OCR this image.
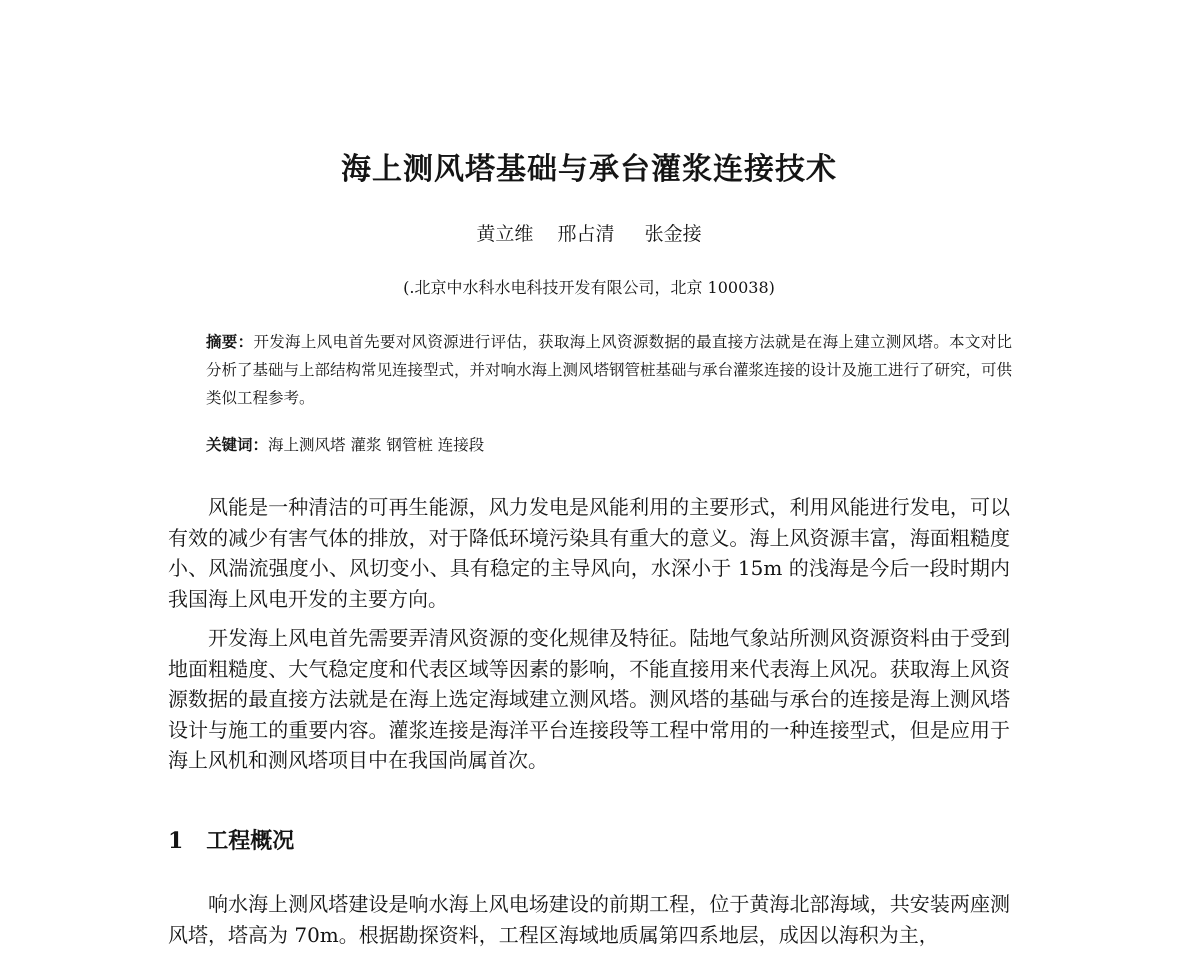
海上测风塔基础与承台灌浆连接技术
黄立维    邢占清     张金接
(.北京中水科水电科技开发有限公司，北京 100038)
摘要：开发海上风电首先要对风资源进行评估，获取海上风资源数据的最直接方法就是在海上建立测风塔。本文对比分析了基础与上部结构常见连接型式，并对响水海上测风塔钢管桩基础与承台灌浆连接的设计及施工进行了研究，可供类似工程参考。
关键词：海上测风塔 灌浆 钢管桩 连接段

风能是一种清洁的可再生能源，风力发电是风能利用的主要形式，利用风能进行发电，可以有效的减少有害气体的排放，对于降低环境污染具有重大的意义。海上风资源丰富，海面粗糙度小、风湍流强度小、风切变小、具有稳定的主导风向，水深小于 15m 的浅海是今后一段时期内我国海上风电开发的主要方向。

开发海上风电首先需要弄清风资源的变化规律及特征。陆地气象站所测风资源资料由于受到地面粗糙度、大气稳定度和代表区域等因素的影响，不能直接用来代表海上风况。获取海上风资源数据的最直接方法就是在海上选定海域建立测风塔。测风塔的基础与承台的连接是海上测风塔设计与施工的重要内容。灌浆连接是海洋平台连接段等工程中常用的一种连接型式，但是应用于海上风机和测风塔项目中在我国尚属首次。

1 工程概况

响水海上测风塔建设是响水海上风电场建设的前期工程，位于黄海北部海域，共安装两座测风塔，塔高为 70m。根据勘探资料，工程区海域地质属第四系地层，成因以海积为主，
